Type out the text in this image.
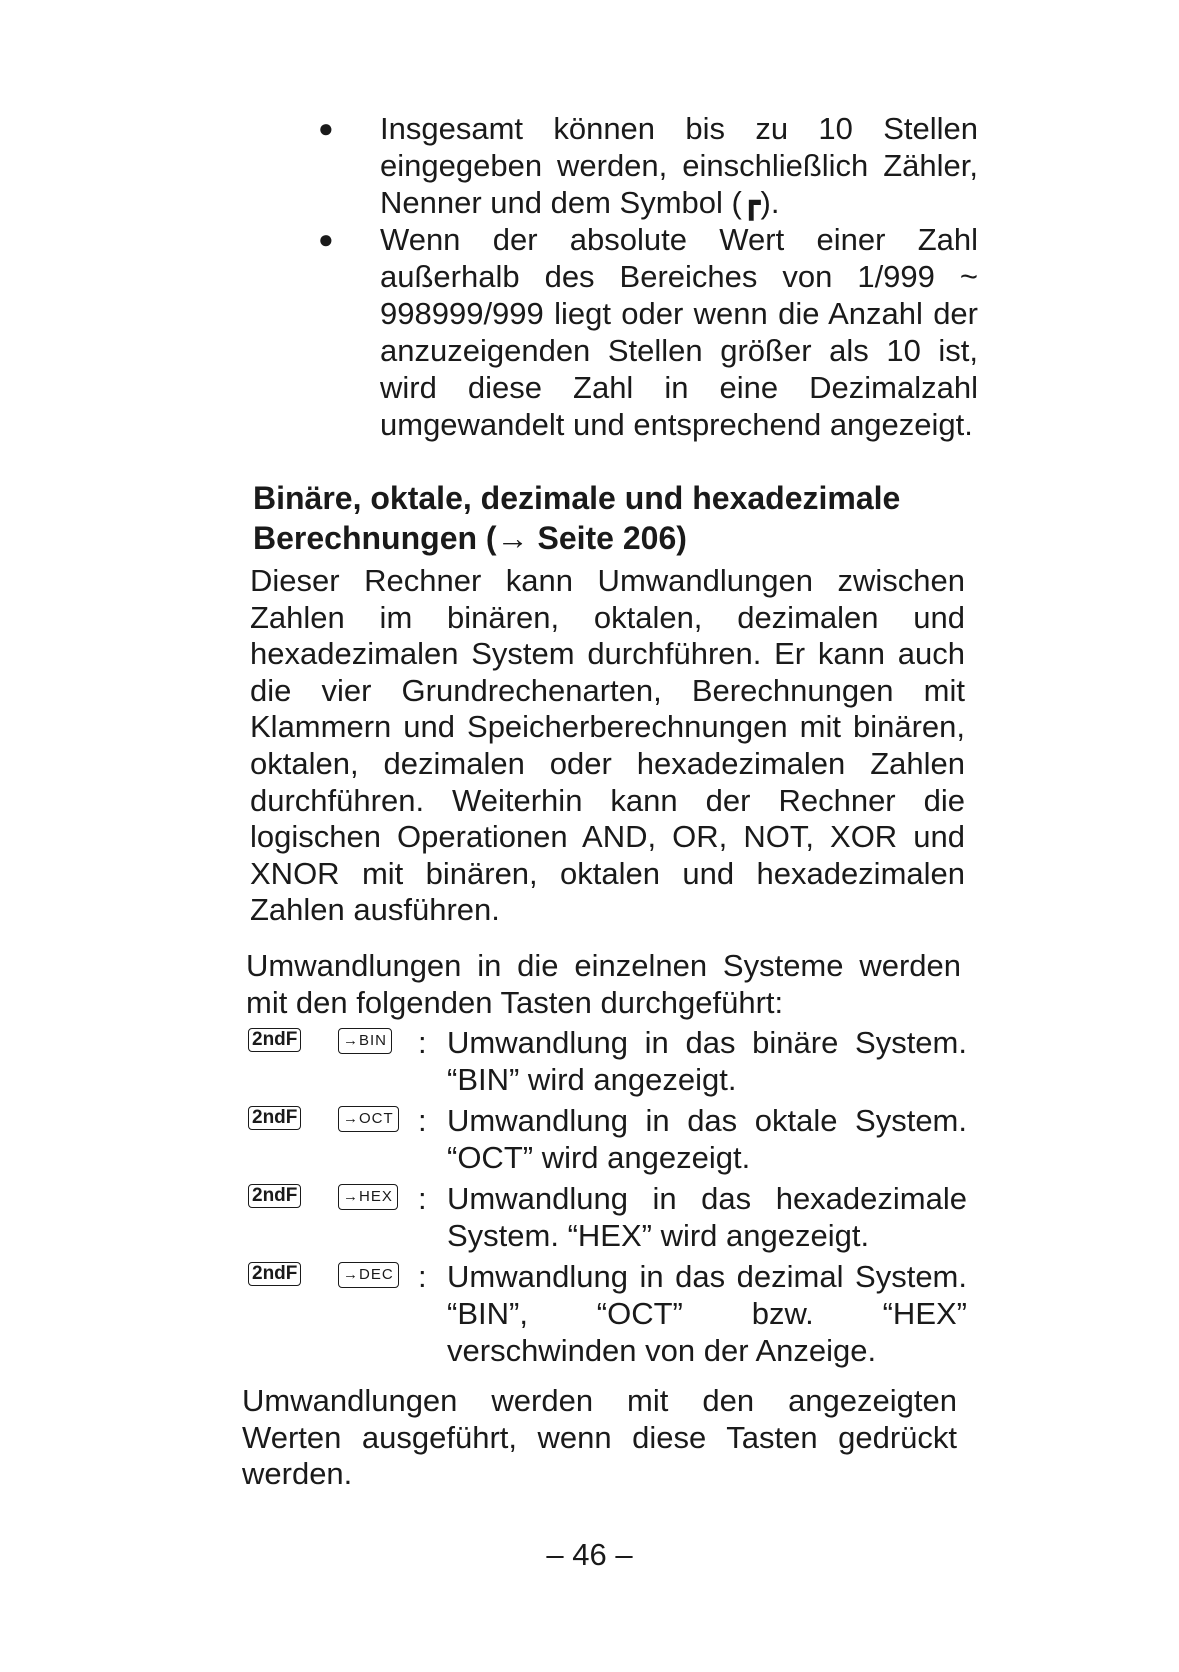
● Insgesamt können bis zu 10 Stellen eingegeben werden, einschließlich Zähler, Nenner und dem Symbol (┏).
● Wenn der absolute Wert einer Zahl außerhalb des Bereiches von 1/999 ~ 998999/999 liegt oder wenn die Anzahl der anzuzeigenden Stellen größer als 10 ist, wird diese Zahl in eine Dezimalzahl umgewandelt und entsprechend angezeigt.
Binäre, oktale, dezimale und hexadezimale Berechnungen (→ Seite 206)
Dieser Rechner kann Umwandlungen zwischen Zahlen im binären, oktalen, dezimalen und hexadezimalen System durchführen. Er kann auch die vier Grundrechenarten, Berechnungen mit Klammern und Speicherberechnungen mit binären, oktalen, dezimalen oder hexadezimalen Zahlen durchführen. Weiterhin kann der Rechner die logischen Operationen AND, OR, NOT, XOR und XNOR mit binären, oktalen und hexadezimalen Zahlen ausführen.
Umwandlungen in die einzelnen Systeme werden mit den folgenden Tasten durchgeführt:
2ndF	→BIN : Umwandlung in das binäre System. “BIN” wird angezeigt.
2ndF	→OCT : Umwandlung in das oktale System. “OCT” wird angezeigt.
2ndF	→HEX : Umwandlung in das hexadezimale System. “HEX” wird angezeigt.
2ndF	→DEC : Umwandlung in das dezimal System. “BIN”, “OCT” bzw. “HEX” verschwinden von der Anzeige.
Umwandlungen werden mit den angezeigten Werten ausgeführt, wenn diese Tasten gedrückt werden.
– 46 –
